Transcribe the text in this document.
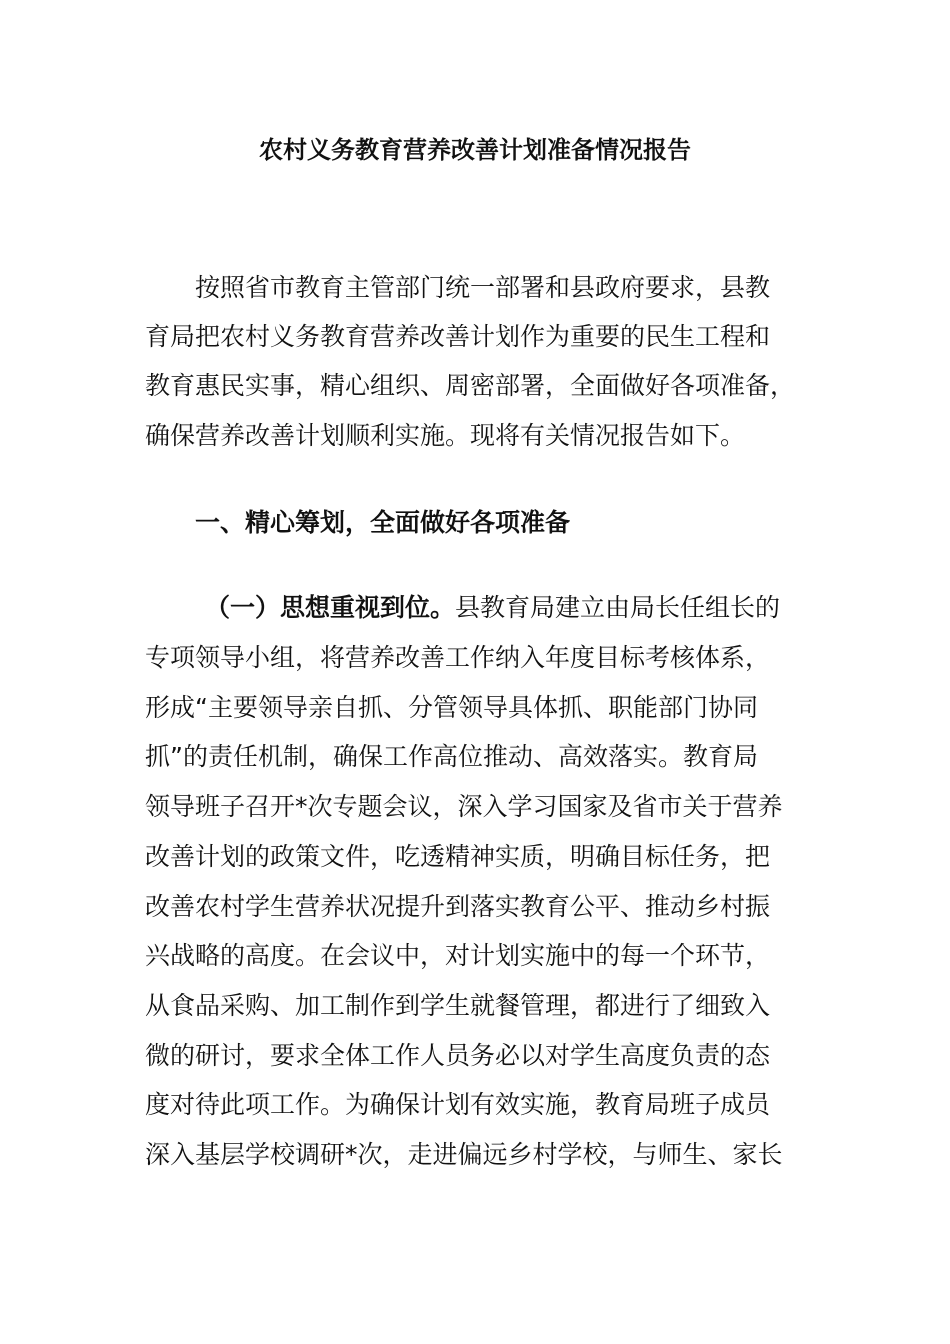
农村义务教育营养改善计划准备情况报告

按照省市教育主管部门统一部署和县政府要求，县教

育局把农村义务教育营养改善计划作为重要的民生工程和

教育惠民实事，精心组织、周密部署，全面做好各项准备，

确保营养改善计划顺利实施。现将有关情况报告如下。

一、精心筹划，全面做好各项准备

（一）思想重视到位。县教育局建立由局长任组长的

专项领导小组，将营养改善工作纳入年度目标考核体系，

形成“主要领导亲自抓、分管领导具体抓、职能部门协同

抓”的责任机制，确保工作高位推动、高效落实。教育局

领导班子召开*次专题会议，深入学习国家及省市关于营养

改善计划的政策文件，吃透精神实质，明确目标任务，把

改善农村学生营养状况提升到落实教育公平、推动乡村振

兴战略的高度。在会议中，对计划实施中的每一个环节，

从食品采购、加工制作到学生就餐管理，都进行了细致入

微的研讨，要求全体工作人员务必以对学生高度负责的态

度对待此项工作。为确保计划有效实施，教育局班子成员

深入基层学校调研*次，走进偏远乡村学校，与师生、家长
